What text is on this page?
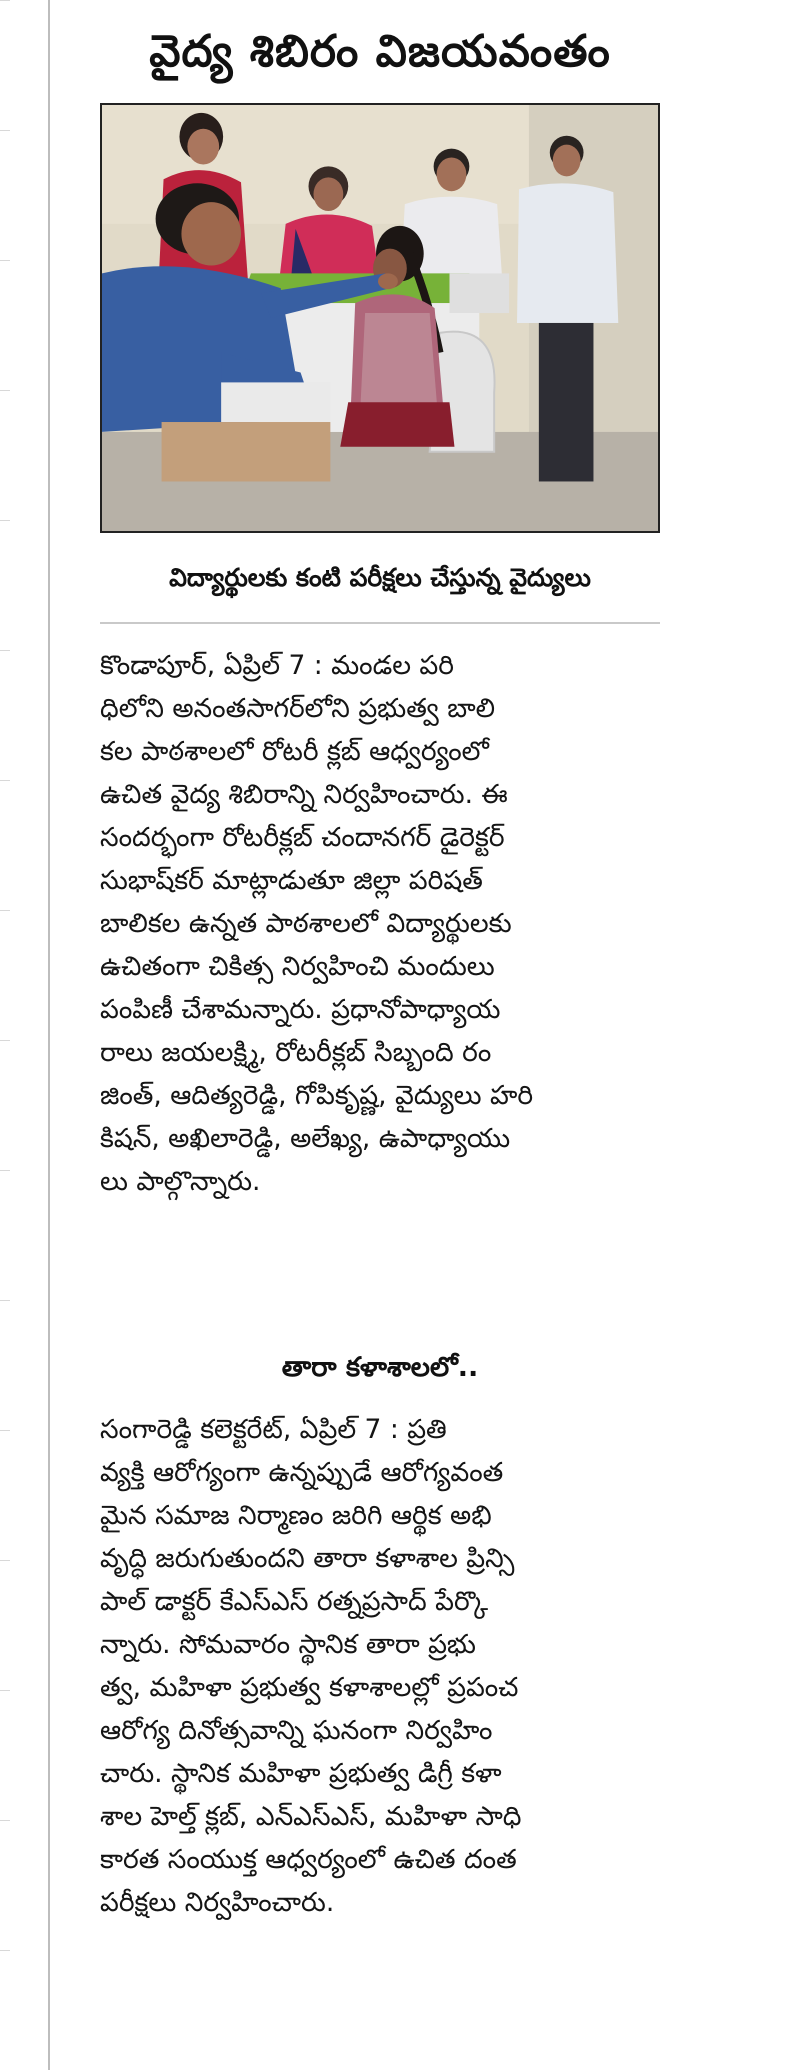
వైద్య శిబిరం విజయవంతం
విద్యార్థులకు కంటి పరీక్షలు చేస్తున్న వైద్యులు
కొండాపూర్, ఏప్రిల్ 7 : మండల పరి
ధిలోని అనంతసాగర్‌లోని ప్రభుత్వ బాలి
కల పాఠశాలలో రోటరీ క్లబ్ ఆధ్వర్యంలో
ఉచిత వైద్య శిబిరాన్ని నిర్వహించారు. ఈ
సందర్భంగా రోటరీక్లబ్ చందానగర్ డైరెక్టర్
సుభాష్‌కర్ మాట్లాడుతూ జిల్లా పరిషత్
బాలికల ఉన్నత పాఠశాలలో విద్యార్థులకు
ఉచితంగా చికిత్స నిర్వహించి మందులు
పంపిణీ చేశామన్నారు. ప్రధానోపాధ్యాయ
రాలు జయలక్ష్మి, రోటరీక్లబ్ సిబ్బంది రం
జింత్, ఆదిత్యరెడ్డి, గోపికృష్ణ, వైద్యులు హరి
కిషన్, అఖిలారెడ్డి, అలేఖ్య, ఉపాధ్యాయు
లు పాల్గొన్నారు.
తారా కళాశాలలో..
సంగారెడ్డి కలెక్టరేట్, ఏప్రిల్ 7 : ప్రతి
వ్యక్తి ఆరోగ్యంగా ఉన్నప్పుడే ఆరోగ్యవంత
మైన సమాజ నిర్మాణం జరిగి ఆర్థిక అభి
వృద్ధి జరుగుతుందని తారా కళాశాల ప్రిన్సి
పాల్ డాక్టర్ కేఎస్ఎస్ రత్నప్రసాద్ పేర్కొ
న్నారు. సోమవారం స్థానిక తారా ప్రభు
త్వ, మహిళా ప్రభుత్వ కళాశాలల్లో ప్రపంచ
ఆరోగ్య దినోత్సవాన్ని ఘనంగా నిర్వహిం
చారు. స్థానిక మహిళా ప్రభుత్వ డిగ్రీ కళా
శాల హెల్త్ క్లబ్, ఎన్ఎస్ఎస్, మహిళా సాధి
కారత సంయుక్త ఆధ్వర్యంలో ఉచిత దంత
పరీక్షలు నిర్వహించారు.
